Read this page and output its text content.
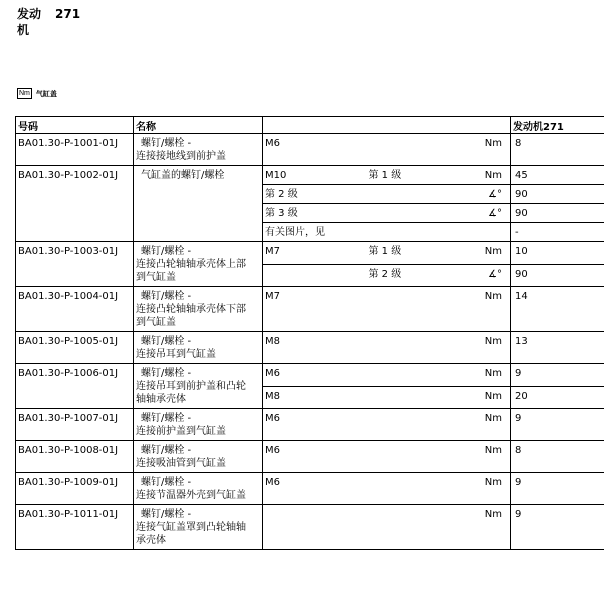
发动 271
机
Nm 气缸盖
号码	名称				发动机271
BA01.30-P-1001-01J	螺钉/螺栓 -
连接接地线到前护盖	M6		Nm	8
BA01.30-P-1002-01J	气缸盖的螺钉/螺栓	M10	第 1 级	Nm	45
		第 2 级		∡°	90
		第 3 级		∡°	90
		有关图片，见			-
BA01.30-P-1003-01J	螺钉/螺栓 -
连接凸轮轴轴承壳体上部
到气缸盖	M7	第 1 级	Nm	10
			第 2 级	∡°	90
BA01.30-P-1004-01J	螺钉/螺栓 -
连接凸轮轴轴承壳体下部
到气缸盖	M7		Nm	14
BA01.30-P-1005-01J	螺钉/螺栓 -
连接吊耳到气缸盖	M8		Nm	13
BA01.30-P-1006-01J	螺钉/螺栓 -
连接吊耳到前护盖和凸轮
轴轴承壳体	M6		Nm	9
		M8		Nm	20
BA01.30-P-1007-01J	螺钉/螺栓 -
连接前护盖到气缸盖	M6		Nm	9
BA01.30-P-1008-01J	螺钉/螺栓 -
连接吸油管到气缸盖	M6		Nm	8
BA01.30-P-1009-01J	螺钉/螺栓 -
连接节温器外壳到气缸盖	M6		Nm	9
BA01.30-P-1011-01J	螺钉/螺栓 -
连接气缸盖罩到凸轮轴轴
承壳体			Nm	9
